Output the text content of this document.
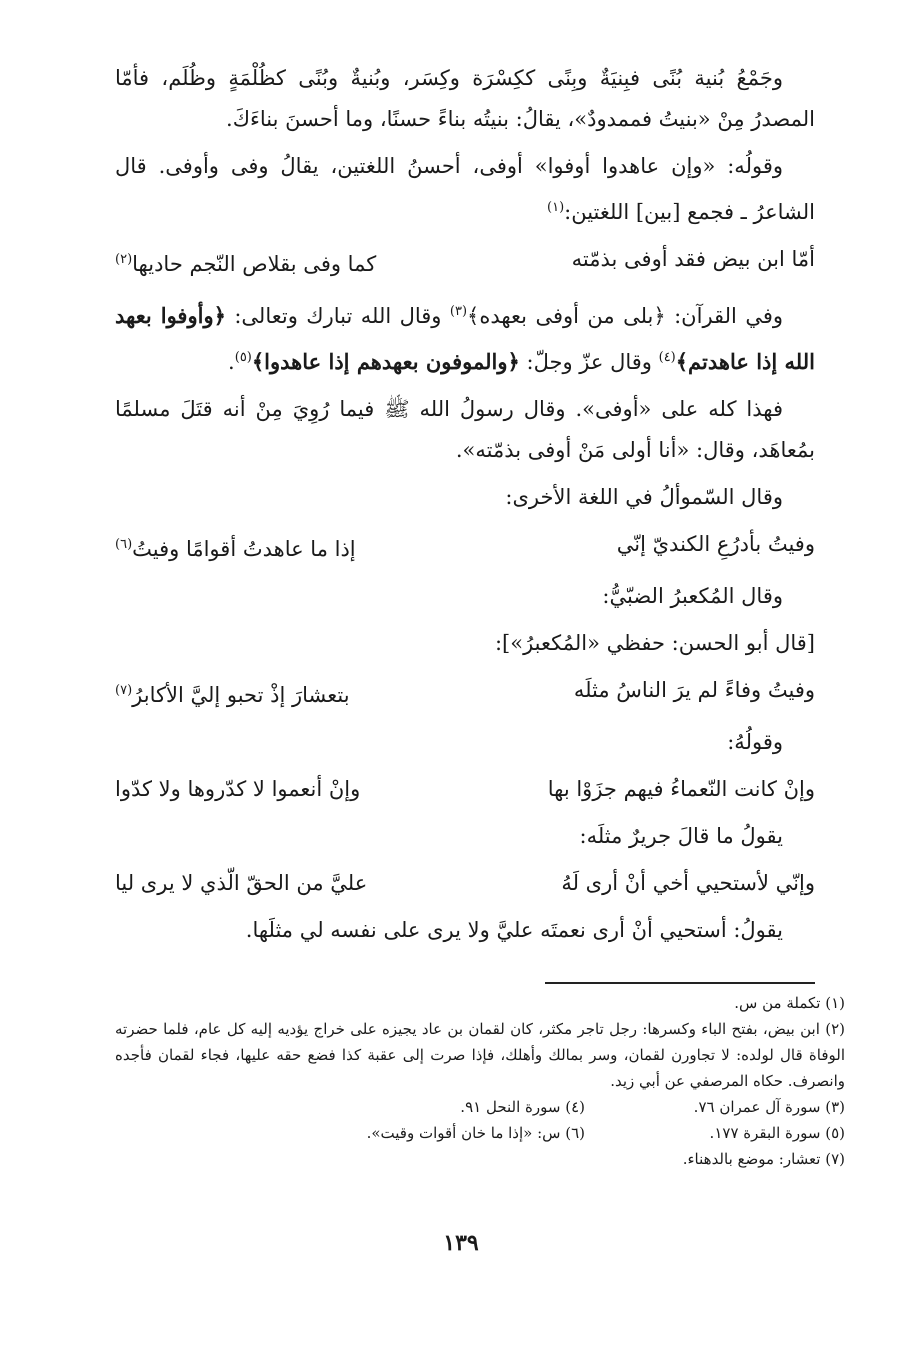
وجَمْعُ بُنية بُنًى فبِنيَةٌ وبِنًى ككِسْرَة وكِسَر، وبُنيةٌ وبُنًى كظُلْمَةٍ وظُلَم، فأمّا المصدرُ مِنْ «بنيتُ فممدودٌ»، يقالُ: بنيتُه بناءً حسنًا، وما أحسنَ بناءَكَ.

وقولُه: «وإن عاهدوا أوفوا» أوفى، أحسنُ اللغتين، يقالُ وفى وأوفى. قال الشاعرُ ـ فجمع [بين] اللغتين:$^{(١)}$

أمّا ابن بيض فقد أوفى بذمّته
كما وفى بقلاص النّجم حاديها$^{(٢)}$

وفي القرآن: ﴿بلى من أوفى بعهده﴾$^{(٣)}$ وقال الله تبارك وتعالى: ﴿وأوفوا بعهد الله إذا عاهدتم﴾$^{(٤)}$ وقال عزّ وجلّ: ﴿والموفون بعهدهم إذا عاهدوا﴾$^{(٥)}$.

فهذا كله على «أوفى». وقال رسولُ الله ﷺ فيما رُوِيَ مِنْ أنه قتَلَ مسلمًا بمُعاهَد، وقال: «أنا أولى مَنْ أوفى بذمّته».

وقال السّموألُ في اللغة الأخرى:

وفيتُ بأدرُعِ الكنديّ إنّي
إذا ما عاهدتُ أقوامًا وفيتُ$^{(٦)}$

وقال المُكعبرُ الضبّيُّ:

[قال أبو الحسن: حفظي «المُكعبرُ»]:

وفيتُ وفاءً لم يرَ الناسُ مثلَه
بتعشارَ إذْ تحبو إليَّ الأكابرُ$^{(٧)}$

وقولُهُ:

وإنْ كانت النّعماءُ فيهم جزَوْا بها
وإنْ أنعموا لا كدّروها ولا كدّوا

يقولُ ما قالَ جريرٌ مثلَه:

وإنّي لأستحيي أخي أنْ أرى لَهُ
عليَّ من الحقّ الّذي لا يرى ليا

يقولُ: أستحيي أنْ أرى نعمتَه عليَّ ولا يرى على نفسه لي مثلَها.

(١) تكملة من س.

(٢) ابن بيض، بفتح الباء وكسرها: رجل تاجر مكثر، كان لقمان بن عاد يجيزه على خراج يؤديه إليه كل عام، فلما حضرته الوفاة قال لولده: لا تجاورن لقمان، وسر بمالك وأهلك، فإذا صرت إلى عقبة كذا فضع حقه عليها، فجاء لقمان فأجده وانصرف. حكاه المرصفي عن أبي زيد.

(٣) سورة آل عمران ٧٦.
(٤) سورة النحل ٩١.
(٥) سورة البقرة ١٧٧.
(٦) س: «إذا ما خان أقوات وقيت».

(٧) تعشار: موضع بالدهناء.

١٣٩
